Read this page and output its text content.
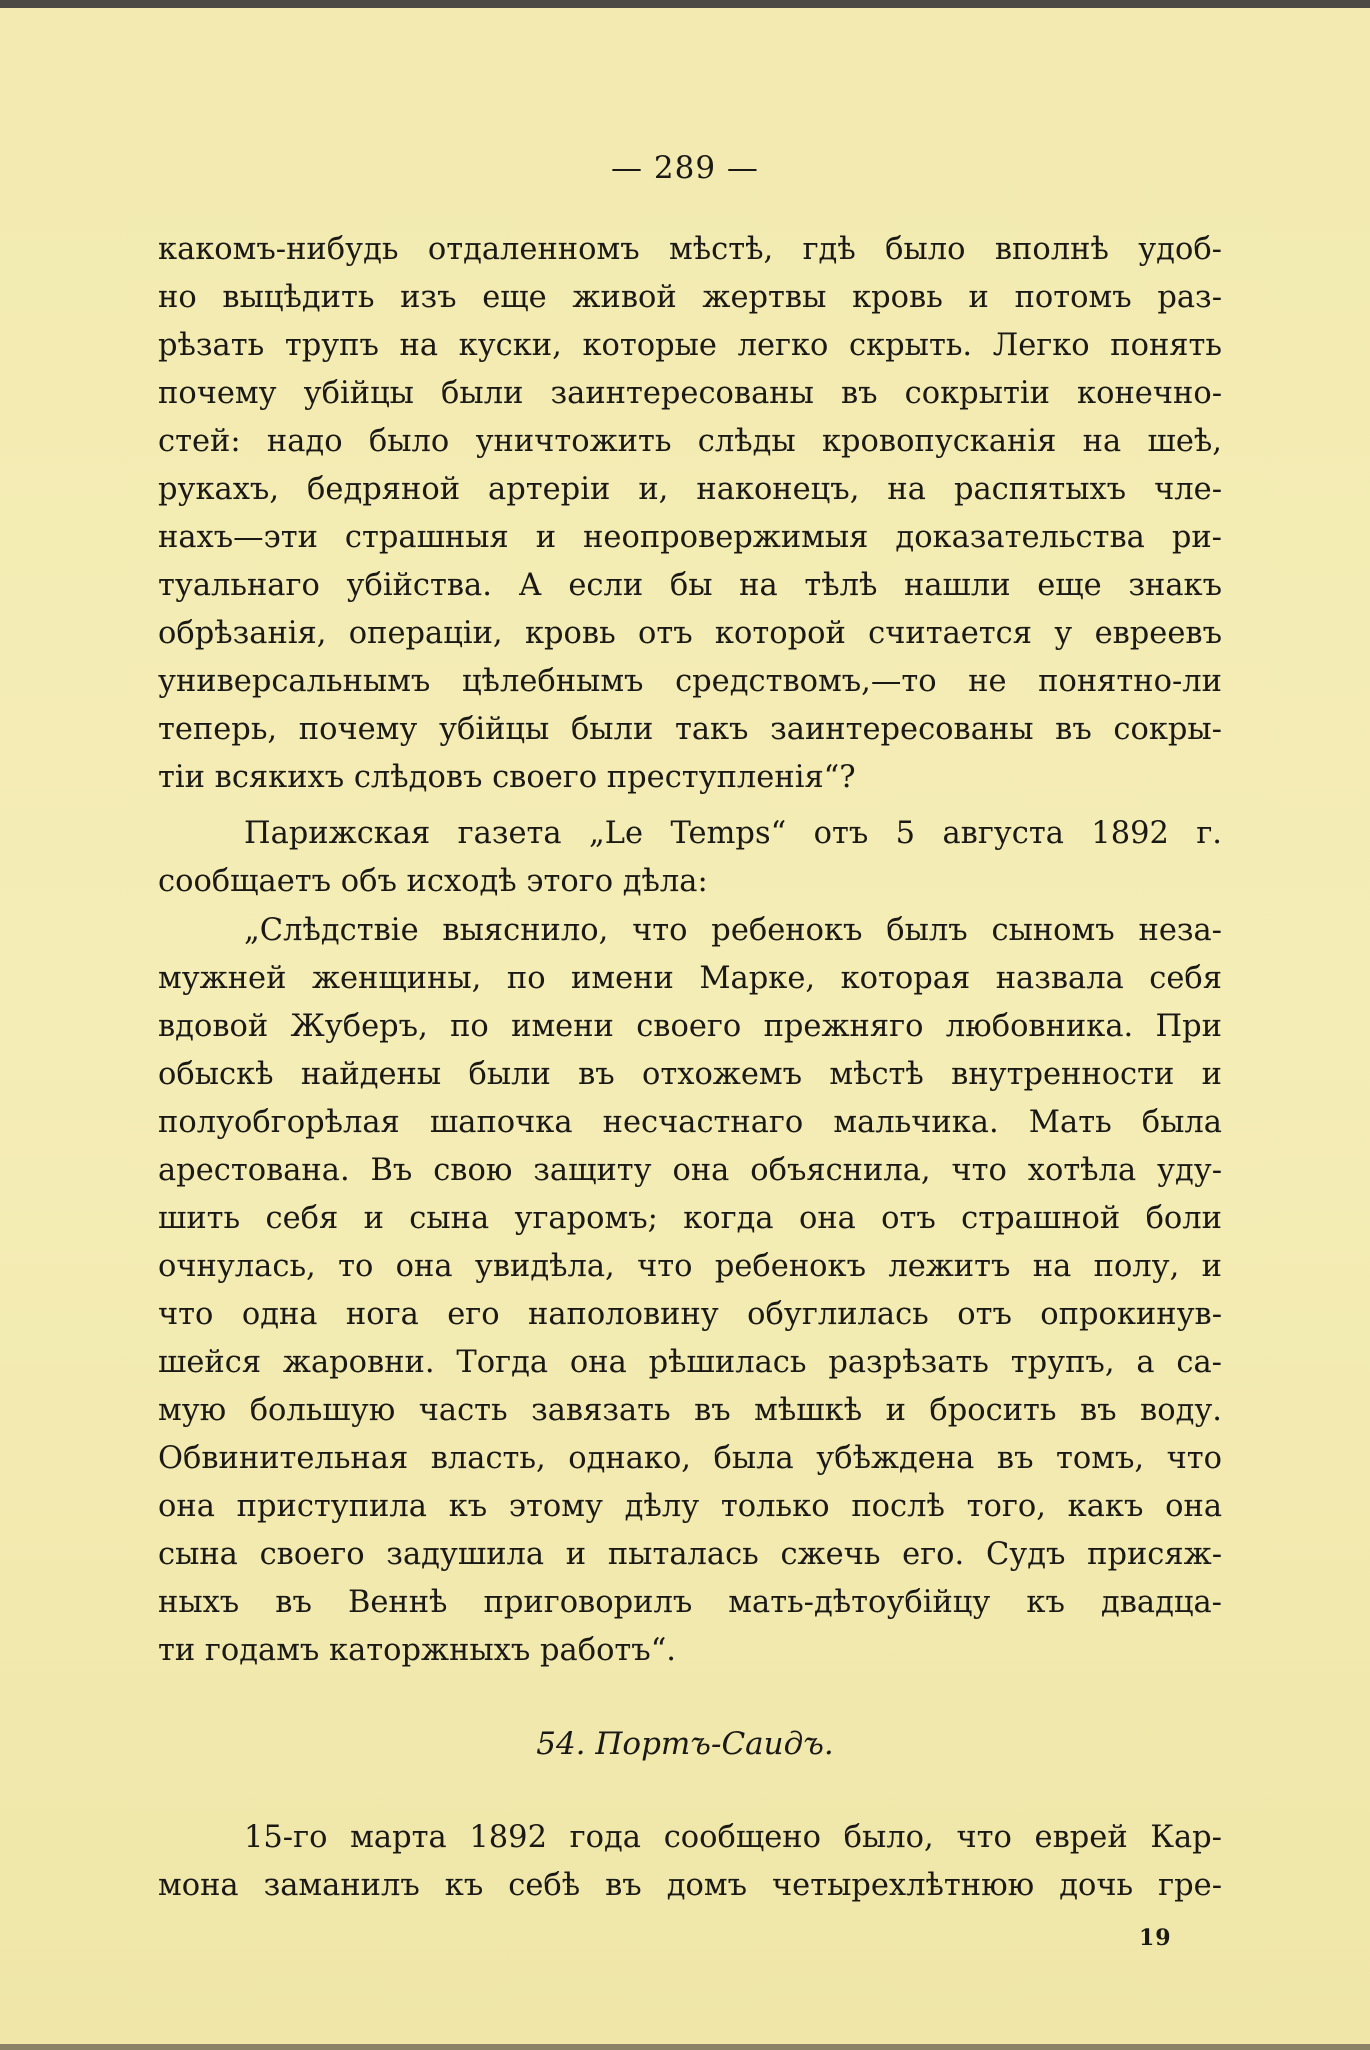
— 289 —
какомъ-нибудь отдаленномъ мѣстѣ, гдѣ было вполнѣ удоб-
но выцѣдить изъ еще живой жертвы кровь и потомъ раз-
рѣзать трупъ на куски, которые легко скрыть. Легко понять
почему убійцы были заинтересованы въ сокрытіи конечно-
стей: надо было уничтожить слѣды кровопусканія на шеѣ,
рукахъ, бедряной артеріи и, наконецъ, на распятыхъ чле-
нахъ—эти страшныя и неопровержимыя доказательства ри-
туальнаго убійства. А если бы на тѣлѣ нашли еще знакъ
обрѣзанія, операціи, кровь отъ которой считается у евреевъ
универсальнымъ цѣлебнымъ средствомъ,—то не понятно-ли
теперь, почему убійцы были такъ заинтересованы въ сокры-
тіи всякихъ слѣдовъ своего преступленія“?
Парижская газета „Le Temps“ отъ 5 августа 1892 г.
сообщаетъ объ исходѣ этого дѣла:
„Слѣдствіе выяснило, что ребенокъ былъ сыномъ неза-
мужней женщины, по имени Марке, которая назвала себя
вдовой Жуберъ, по имени своего прежняго любовника. При
обыскѣ найдены были въ отхожемъ мѣстѣ внутренности и
полуобгорѣлая шапочка несчастнаго мальчика. Мать была
арестована. Въ свою защиту она объяснила, что хотѣла уду-
шить себя и сына угаромъ; когда она отъ страшной боли
очнулась, то она увидѣла, что ребенокъ лежитъ на полу, и
что одна нога его наполовину обуглилась отъ опрокинув-
шейся жаровни. Тогда она рѣшилась разрѣзать трупъ, а са-
мую большую часть завязать въ мѣшкѣ и бросить въ воду.
Обвинительная власть, однако, была убѣждена въ томъ, что
она приступила къ этому дѣлу только послѣ того, какъ она
сына своего задушила и пыталась сжечь его. Судъ присяж-
ныхъ въ Веннѣ приговорилъ мать-дѣтоубійцу къ двадца-
ти годамъ каторжныхъ работъ“.
54. Портъ-Саидъ.
15-го марта 1892 года сообщено было, что еврей Кар-
мона заманилъ къ себѣ въ домъ четырехлѣтнюю дочь гре-
19
